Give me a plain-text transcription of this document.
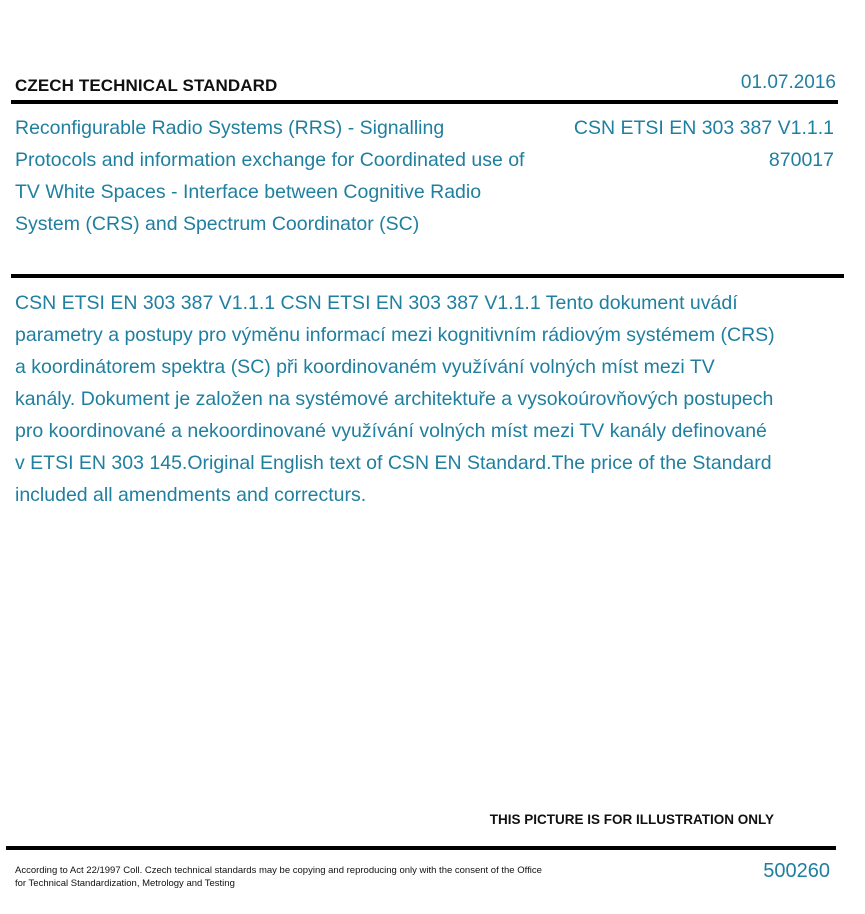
CZECH TECHNICAL STANDARD	01.07.2016
Reconfigurable Radio Systems (RRS) - Signalling Protocols and information exchange for Coordinated use of TV White Spaces - Interface between Cognitive Radio System (CRS) and Spectrum Coordinator (SC)
CSN ETSI EN 303 387 V1.1.1
870017
CSN ETSI EN 303 387 V1.1.1 CSN ETSI EN 303 387 V1.1.1 Tento dokument uvádí parametry a postupy pro výměnu informací mezi kognitivním rádiovým systémem (CRS) a koordinátorem spektra (SC) při koordinovaném využívání volných míst mezi TV kanály. Dokument je založen na systémové architektuře a vysokoúrovňových postupech pro koordinované a nekoordinované využívání volných míst mezi TV kanály definované v ETSI EN 303 145.Original English text of CSN EN Standard.The price of the Standard included all amendments and correcturs.
THIS PICTURE IS FOR ILLUSTRATION ONLY
According to Act 22/1997 Coll. Czech technical standards may be copying and reproducing only with the consent of the Office
for Technical Standardization, Metrology and Testing
500260
